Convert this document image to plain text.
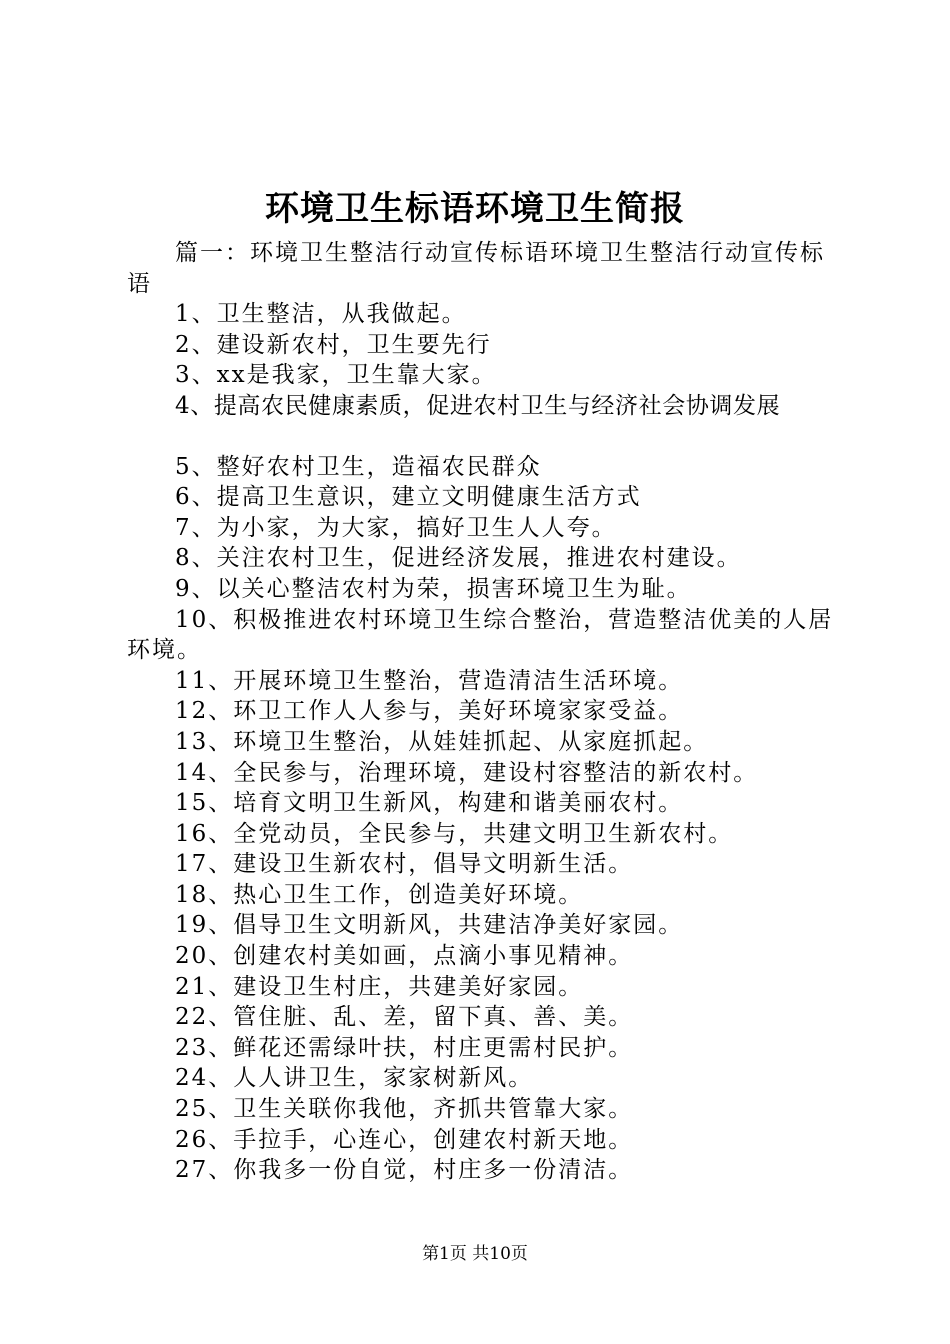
环境卫生标语环境卫生简报

篇一：环境卫生整洁行动宣传标语环境卫生整洁行动宣传标语

1、卫生整洁，从我做起。

2、建设新农村，卫生要先行

3、xx是我家，卫生靠大家。

4、提高农民健康素质，促进农村卫生与经济社会协调发展

5、整好农村卫生，造福农民群众

6、提高卫生意识，建立文明健康生活方式

7、为小家，为大家，搞好卫生人人夸。

8、关注农村卫生，促进经济发展，推进农村建设。

9、以关心整洁农村为荣，损害环境卫生为耻。

10、积极推进农村环境卫生综合整治，营造整洁优美的人居环境。

11、开展环境卫生整治，营造清洁生活环境。

12、环卫工作人人参与，美好环境家家受益。

13、环境卫生整治，从娃娃抓起、从家庭抓起。

14、全民参与，治理环境，建设村容整洁的新农村。

15、培育文明卫生新风，构建和谐美丽农村。

16、全党动员，全民参与，共建文明卫生新农村。

17、建设卫生新农村，倡导文明新生活。

18、热心卫生工作，创造美好环境。

19、倡导卫生文明新风，共建洁净美好家园。

20、创建农村美如画，点滴小事见精神。

21、建设卫生村庄，共建美好家园。

22、管住脏、乱、差，留下真、善、美。

23、鲜花还需绿叶扶，村庄更需村民护。

24、人人讲卫生，家家树新风。

25、卫生关联你我他，齐抓共管靠大家。

26、手拉手，心连心，创建农村新天地。

27、你我多一份自觉，村庄多一份清洁。

第1页 共10页
